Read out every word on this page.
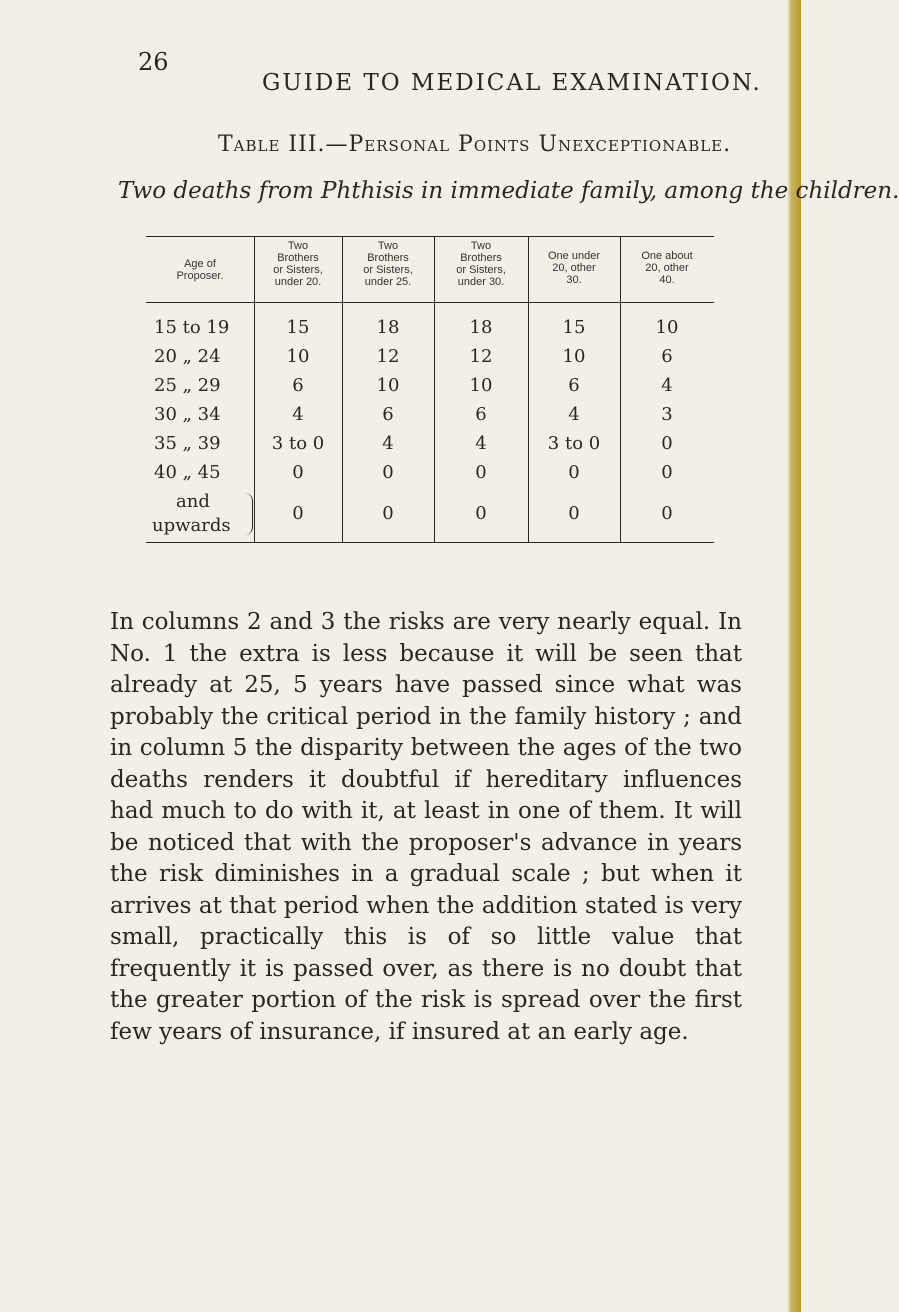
26
GUIDE TO MEDICAL EXAMINATION.
Table III.—Personal Points Unexceptionable.
Two deaths from Phthisis in immediate family, among the children.
Age of
Proposer.
Two
Brothers
or Sisters,
under 20.
Two
Brothers
or Sisters,
under 25.
Two
Brothers
or Sisters,
under 30.
One under
20, other
30.
One about
20, other
40.
15 to 19
20 „ 24
25 „ 29
30 „ 34
35 „ 39
40 „ 45
and
upwards
15
10
6
4
3 to 0
0
0
18
12
10
6
4
0
0
18
12
10
6
4
0
0
15
10
6
4
3 to 0
0
0
10
6
4
3
0
0
0

In columns 2 and 3 the risks are very nearly equal. In No. 1 the extra is less because it will be seen that already at 25, 5 years have passed since what was probably the critical period in the family history ; and in column 5 the disparity between the ages of the two deaths renders it doubtful if hereditary influences had much to do with it, at least in one of them. It will be noticed that with the proposer's advance in years the risk diminishes in a gradual scale ; but when it arrives at that period when the addition stated is very small, practically this is of so little value that frequently it is passed over, as there is no doubt that the greater portion of the risk is spread over the first few years of insurance, if insured at an early age.
